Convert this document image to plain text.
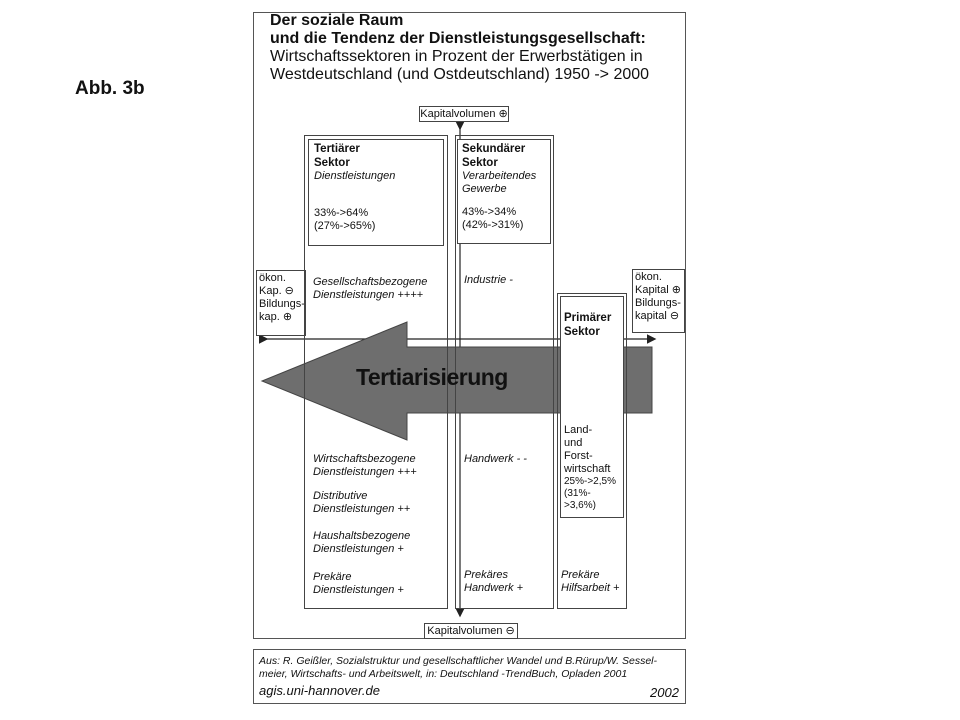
Abb. 3b
Der soziale Raum
und die Tendenz der Dienstleistungsgesellschaft:
Wirtschaftssektoren in Prozent der Erwerbstätigen in
Westdeutschland (und Ostdeutschland) 1950 -> 2000
Kapitalvolumen ⊕
Kapitalvolumen ⊖
ökon.
Kap. ⊖
Bildungs-
kap. ⊕
ökon.
Kapital ⊕
Bildungs-
kapital ⊖
Tertiärer
Sektor
Dienstleistungen
33%->64%
(27%->65%)
Gesellschaftsbezogene
Dienstleistungen ++++
Wirtschaftsbezogene
Dienstleistungen +++
Distributive
Dienstleistungen ++
Haushaltsbezogene
Dienstleistungen +
Prekäre
Dienstleistungen +
Sekundärer
Sektor
Verarbeitendes
Gewerbe
43%->34%
(42%->31%)
Industrie -
Handwerk - -
Prekäres
Handwerk +
Primärer
Sektor
Land-
und
Forst-
wirtschaft
25%->2,5%
(31%->3,6%)
Prekäre
Hilfsarbeit +
Tertiarisierung
Aus: R. Geißler, Sozialstruktur und gesellschaftlicher Wandel und B.Rürup/W. Sessel-meier, Wirtschafts- und Arbeitswelt, in: Deutschland -TrendBuch, Opladen 2001
agis.uni-hannover.de	2002
